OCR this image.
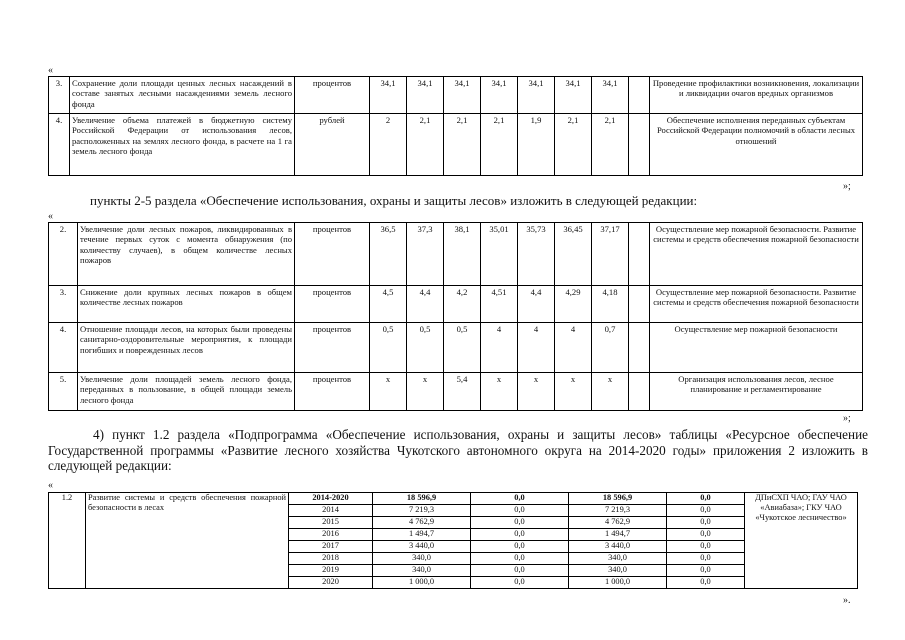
«
3.	Сохранение доли площади ценных лесных насаждений в составе занятых лесными насаждениями земель лесного фонда	процентов	34,1	34,1	34,1	34,1	34,1	34,1	34,1		Проведение профилактики возникновения, локализации и ликвидации очагов вредных организмов
4.	Увеличение объема платежей в бюджетную систему Российской Федерации от использования лесов, расположенных на землях лесного фонда, в расчете на 1 га земель лесного фонда	рублей	2	2,1	2,1	2,1	1,9	2,1	2,1		Обеспечение исполнения переданных субъектам Российской Федерации полномочий в области лесных отношений
»;
пункты 2-5 раздела «Обеспечение использования, охраны и защиты лесов» изложить в следующей редакции:
«
2.	Увеличение доли лесных пожаров, ликвидированных в течение первых суток с момента обнаружения (по количеству случаев), в общем количестве лесных пожаров	процентов	36,5	37,3	38,1	35,01	35,73	36,45	37,17		Осуществление мер пожарной безопасности. Развитие системы и средств обеспечения пожарной безопасности
3.	Снижение доли крупных лесных пожаров в общем количестве лесных пожаров	процентов	4,5	4,4	4,2	4,51	4,4	4,29	4,18		Осуществление мер пожарной безопасности. Развитие системы и средств обеспечения пожарной безопасности
4.	Отношение площади лесов, на которых были проведены санитарно-оздоровительные мероприятия, к площади погибших и поврежденных лесов	процентов	0,5	0,5	0,5	4	4	4	0,7		Осуществление мер пожарной безопасности
5.	Увеличение доли площадей земель лесного фонда, переданных в пользование, в общей площади земель лесного фонда	процентов	х	х	5,4	х	х	х	х		Организация использования лесов, лесное планирование и регламентирование
»;
4) пункт 1.2 раздела «Подпрограмма «Обеспечение использования, охраны и защиты лесов» таблицы «Ресурсное обеспечение Государственной программы «Развитие лесного хозяйства Чукотского автономного округа на 2014-2020 годы» приложения 2 изложить в следующей редакции:
«
1.2	Развитие системы и средств обеспечения пожарной безопасности в лесах	2014-2020	18 596,9	0,0	18 596,9	0,0	ДПиСХП ЧАО; ГАУ ЧАО «Авиабаза»; ГКУ ЧАО «Чукотское лесничество»
		2014	7 219,3	0,0	7 219,3	0,0	
		2015	4 762,9	0,0	4 762,9	0,0	
		2016	1 494,7	0,0	1 494,7	0,0	
		2017	3 440,0	0,0	3 440,0	0,0	
		2018	340,0	0,0	340,0	0,0	
		2019	340,0	0,0	340,0	0,0	
		2020	1 000,0	0,0	1 000,0	0,0	
».
